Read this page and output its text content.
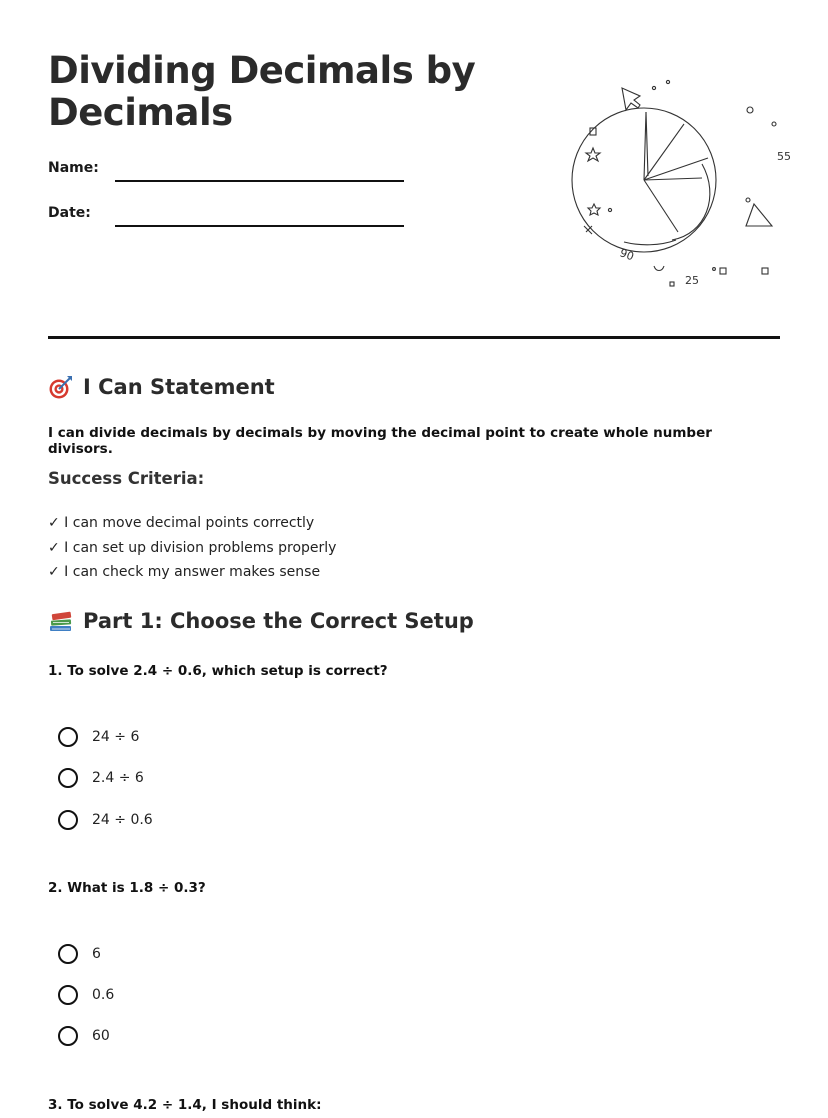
Dividing Decimals by Decimals
Name:
Date:
55
90
25
I Can Statement
I can divide decimals by decimals by moving the decimal point to create whole number divisors.
Success Criteria:
✓ I can move decimal points correctly
✓ I can set up division problems properly
✓ I can check my answer makes sense
Part 1: Choose the Correct Setup
1. To solve 2.4 ÷ 0.6, which setup is correct?
24 ÷ 6
2.4 ÷ 6
24 ÷ 0.6
2. What is 1.8 ÷ 0.3?
6
0.6
60
3. To solve 4.2 ÷ 1.4, I should think:
